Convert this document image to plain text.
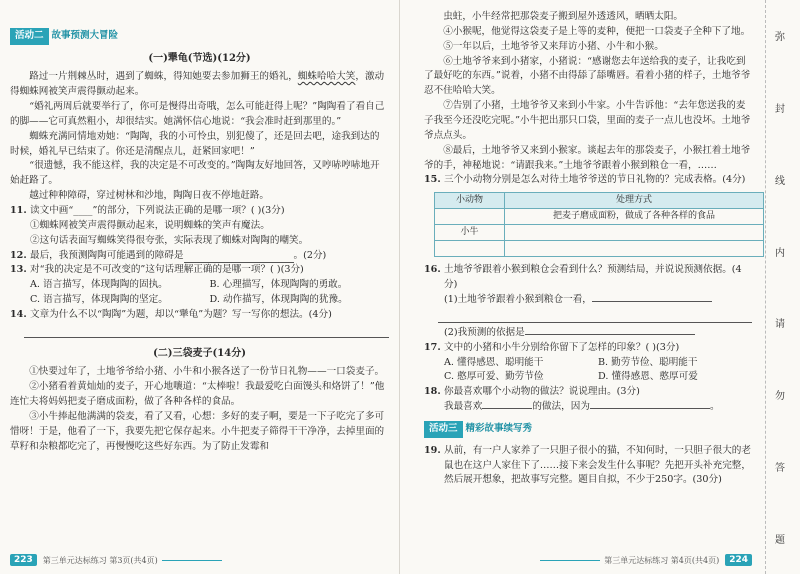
活动二 故事预测大冒险
(一)犟龟(节选)(12分)

路过一片荆棘丛时，遇到了蜘蛛，得知她要去参加狮王的婚礼，蜘蛛哈哈大笑，激动得蜘蛛网被笑声震得颤动起来。

“婚礼两周后就要举行了，你可是慢得出奇哦，怎么可能赶得上呢？”陶陶看了看自己的脚——它可真然粗小，却很结实。她满怀信心地说：“我会准时赶到那里的。”

蜘蛛充满同情地劝她：“陶陶，我的小可怜虫，别犯傻了，还是回去吧，途我到达的时候，婚礼早已结束了。你还是清醒点儿，赶紧回家吧！”

“很遗憾，我不能这样，我的决定是不可改变的。”陶陶友好地回答，又哼哧哼哧地开始赶路了。

越过种种障碍，穿过树林和沙地，陶陶日夜不停地赶路。

11. 读文中画“____”的部分，下列说法正确的是哪一项？( )(3分)
①蜘蛛网被笑声震得颤动起来，说明蜘蛛的笑声有魔法。
②这句话表面写蜘蛛笑得很夸张，实际表现了蜘蛛对陶陶的嘲笑。
12. 最后，我预测陶陶可能遇到的障碍是	。(2分)
13. 对“我的决定是不可改变的”这句话理解正确的是哪一项？( )(3分)
A. 语言描写，体现陶陶的固执。	B. 心理描写，体现陶陶的勇敢。
C. 语言描写，体现陶陶的坚定。	D. 动作描写，体现陶陶的犹豫。
14. 文章为什么不以“陶陶”为题，却以“犟龟”为题？写一写你的想法。(4分)
(二)三袋麦子(14分)

①快要过年了，土地爷爷给小猪、小牛和小猴各送了一份节日礼物——一口袋麦子。

②小猪看着黄灿灿的麦子，开心地嚷道：“太棒啦！我最爱吃白面馒头和烙饼了！”他连忙夫将妈妈把麦子磨成面粉，做了各种各样的食品。

③小牛捧起他满满的袋麦，看了又看，心想：多好的麦子啊，要是一下子吃完了多可惜呀！于是，他看了一下，我要先把它保存起来。小牛把麦子筛得干干净净，去掉里面的草籽和杂粮都吃完了，再慢慢吃这些好东西。为了防止发霉和

223	第三单元达标练习 第3页(共4页)

虫蛀，小牛经常把那袋麦子搬到屋外透透风，晒晒太阳。

④小猴呢，他觉得这袋麦子是上等的麦种，便把一口袋麦子全种下了地。

⑤一年以后，土地爷爷又来拜访小猪、小牛和小猴。

⑥土地爷爷来到小猪家，小猪说：“感谢您去年送给我的麦子，让我吃到了最好吃的东西。”说着，小猪不由得舔了舔嘴唇。看着小猪的样子，土地爷爷忍不住哈哈大笑。

⑦告别了小猪，土地爷爷又来到小牛家。小牛告诉他：“去年您送我的麦子我至今还没吃完呢。”小牛把出那只口袋，里面的麦子一点儿也没坏。土地爷爷点点头。

⑧最后，土地爷爷又来到小猴家。谈起去年的那袋麦子，小猴扛着土地爷爷的手，神秘地说：“请跟我来。”土地爷爷跟着小猴到粮仓一看，……

15. 三个小动物分别是怎么对待土地爷爷送的节日礼物的？完成表格。(4分)
小动物	处理方式
	把麦子磨成面粉，做成了各种各样的食品
小牛	

16. 土地爷爷跟着小猴到粮仓会看到什么？预测结局，并说说预测依据。(4分)
(1)土地爷爷跟着小猴到粮仓一看，
(2)我预测的依据是
17. 文中的小猪和小牛分别给你留下了怎样的印象？( )(3分)
A. 懂得感恩、聪明能干	B. 勤劳节俭、聪明能干
C. 憨厚可爱、勤劳节俭	D. 懂得感恩、憨厚可爱
18. 你最喜欢哪个小动物的做法？说说理由。(3分)
我最喜欢	的做法，因为	。
活动三 精彩故事续写秀
19. 从前，有一户人家养了一只胆子很小的猫，不知何时，一只胆子很大的老鼠也在这户人家住下了……接下来会发生什么事呢？先把开头补充完整，然后展开想象，把故事写完整。题目自拟，不少于250字。(30分)
第三单元达标练习 第4页(共4页)	224
弥
封
线
内
请
勿
答
题
